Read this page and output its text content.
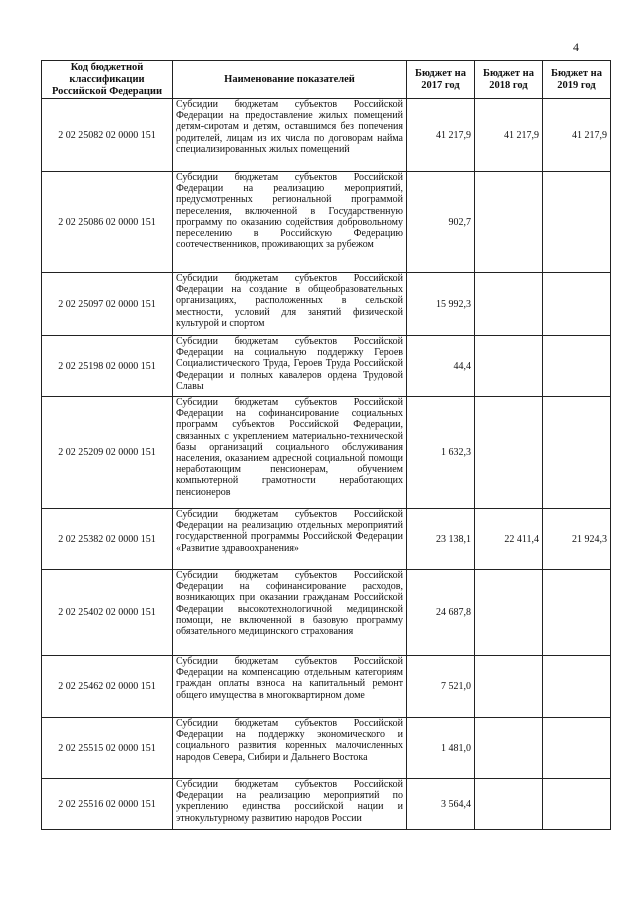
4
Код бюджетной классификации Российской Федерации	Наименование показателей	Бюджет на 2017 год	Бюджет на 2018 год	Бюджет на 2019 год
2 02 25082 02 0000 151	Субсидии бюджетам субъектов Российской Федерации на предоставление жилых помещений детям-сиротам и детям, оставшимся без попечения родителей, лицам из их числа по договорам найма специализированных жилых помещений	41 217,9	41 217,9	41 217,9
2 02 25086 02 0000 151	Субсидии бюджетам субъектов Российской Федерации на реализацию мероприятий, предусмотренных региональной программой переселения, включенной в Государственную программу по оказанию содействия добровольному переселению в Российскую Федерацию соотечественников, проживающих за рубежом	902,7		
2 02 25097 02 0000 151	Субсидии бюджетам субъектов Российской Федерации на создание в общеобразовательных организациях, расположенных в сельской местности, условий для занятий физической культурой и спортом	15 992,3		
2 02 25198 02 0000 151	Субсидии бюджетам субъектов Российской Федерации на социальную поддержку Героев Социалистического Труда, Героев Труда Российской Федерации и полных кавалеров ордена Трудовой Славы	44,4		
2 02 25209 02 0000 151	Субсидии бюджетам субъектов Российской Федерации на софинансирование социальных программ субъектов Российской Федерации, связанных с укреплением материально-технической базы организаций социального обслуживания населения, оказанием адресной социальной помощи неработающим пенсионерам, обучением компьютерной грамотности неработающих пенсионеров	1 632,3		
2 02 25382 02 0000 151	Субсидии бюджетам субъектов Российской Федерации на реализацию отдельных мероприятий государственной программы Российской Федерации «Развитие здравоохранения»	23 138,1	22 411,4	21 924,3
2 02 25402 02 0000 151	Субсидии бюджетам субъектов Российской Федерации на софинансирование расходов, возникающих при оказании гражданам Российской Федерации высокотехнологичной медицинской помощи, не включенной в базовую программу обязательного медицинского страхования	24 687,8		
2 02 25462 02 0000 151	Субсидии бюджетам субъектов Российской Федерации на компенсацию отдельным категориям граждан оплаты взноса на капитальный ремонт общего имущества в многоквартирном доме	7 521,0		
2 02 25515 02 0000 151	Субсидии бюджетам субъектов Российской Федерации на поддержку экономического и социального развития коренных малочисленных народов Севера, Сибири и Дальнего Востока	1 481,0		
2 02 25516 02 0000 151	Субсидии бюджетам субъектов Российской Федерации на реализацию мероприятий по укреплению единства российской нации и этнокультурному развитию народов России	3 564,4		
